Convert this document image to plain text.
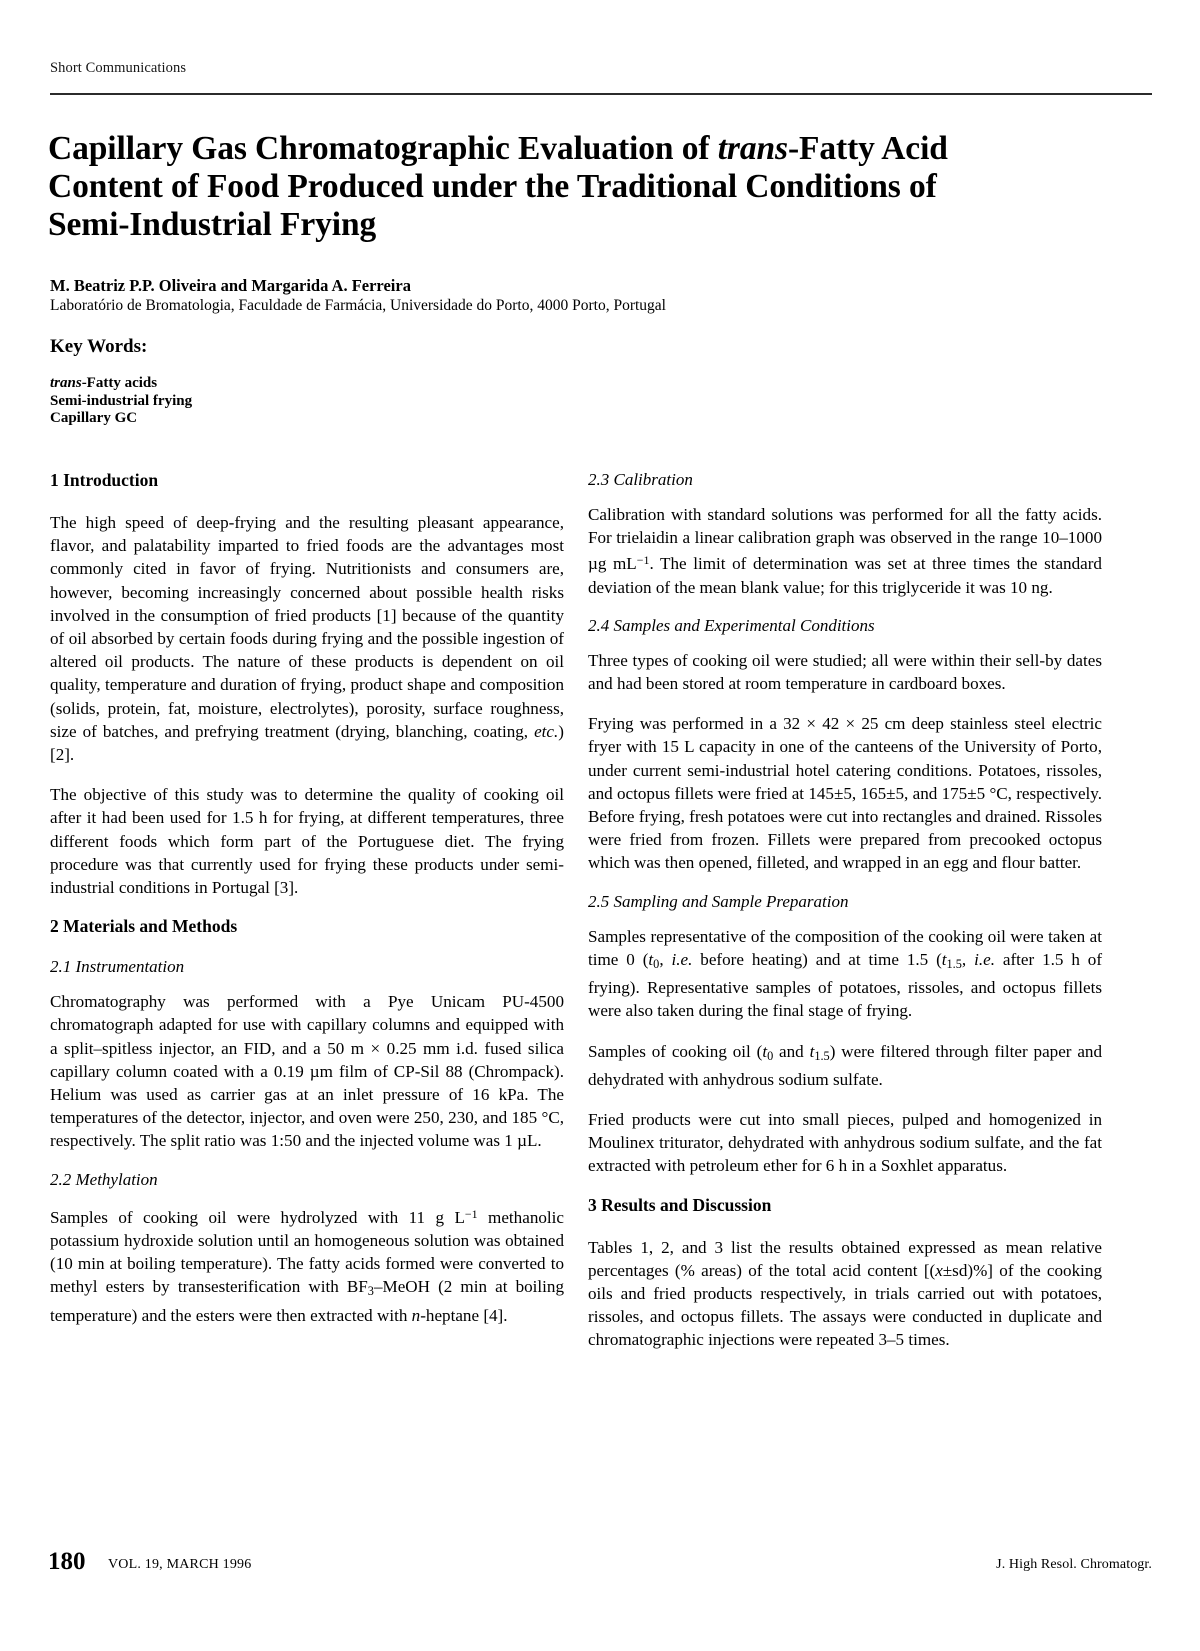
Short Communications
Capillary Gas Chromatographic Evaluation of trans-Fatty Acid
Content of Food Produced under the Traditional Conditions of
Semi-Industrial Frying
M. Beatriz P.P. Oliveira and Margarida A. Ferreira
Laboratório de Bromatologia, Faculdade de Farmácia, Universidade do Porto, 4000 Porto, Portugal
Key Words:
trans-Fatty acids
Semi-industrial frying
Capillary GC
1 Introduction

The high speed of deep-frying and the resulting pleasant appearance, flavor, and palatability imparted to fried foods are the advantages most commonly cited in favor of frying. Nutritionists and consumers are, however, becoming increasingly concerned about possible health risks involved in the consumption of fried products [1] because of the quantity of oil absorbed by certain foods during frying and the possible ingestion of altered oil products. The nature of these products is dependent on oil quality, temperature and duration of frying, product shape and composition (solids, protein, fat, moisture, electrolytes), porosity, surface roughness, size of batches, and prefrying treatment (drying, blanching, coating, etc.) [2].

The objective of this study was to determine the quality of cooking oil after it had been used for 1.5 h for frying, at different temperatures, three different foods which form part of the Portuguese diet. The frying procedure was that currently used for frying these products under semi-industrial conditions in Portugal [3].

2 Materials and Methods
2.1 Instrumentation

Chromatography was performed with a Pye Unicam PU-4500 chromatograph adapted for use with capillary columns and equipped with a split–spitless injector, an FID, and a 50 m × 0.25 mm i.d. fused silica capillary column coated with a 0.19 µm film of CP-Sil 88 (Chrompack). Helium was used as carrier gas at an inlet pressure of 16 kPa. The temperatures of the detector, injector, and oven were 250, 230, and 185 °C, respectively. The split ratio was 1:50 and the injected volume was 1 µL.

2.2 Methylation

Samples of cooking oil were hydrolyzed with 11 g $L^{-1}$ methanolic potassium hydroxide solution until an homogeneous solution was obtained (10 min at boiling temperature). The fatty acids formed were converted to methyl esters by transesterification with $BF_3$–MeOH (2 min at boiling temperature) and the esters were then extracted with n-heptane [4].

2.3 Calibration

Calibration with standard solutions was performed for all the fatty acids. For trielaidin a linear calibration graph was observed in the range 10–1000 µg $mL^{-1}$. The limit of determination was set at three times the standard deviation of the mean blank value; for this triglyceride it was 10 ng.

2.4 Samples and Experimental Conditions

Three types of cooking oil were studied; all were within their sell-by dates and had been stored at room temperature in cardboard boxes.

Frying was performed in a 32 × 42 × 25 cm deep stainless steel electric fryer with 15 L capacity in one of the canteens of the University of Porto, under current semi-industrial hotel catering conditions. Potatoes, rissoles, and octopus fillets were fried at 145±5, 165±5, and 175±5 °C, respectively. Before frying, fresh potatoes were cut into rectangles and drained. Rissoles were fried from frozen. Fillets were prepared from precooked octopus which was then opened, filleted, and wrapped in an egg and flour batter.

2.5 Sampling and Sample Preparation

Samples representative of the composition of the cooking oil were taken at time 0 ($t_0$, i.e. before heating) and at time 1.5 ($t_{1.5}$, i.e. after 1.5 h of frying). Representative samples of potatoes, rissoles, and octopus fillets were also taken during the final stage of frying.

Samples of cooking oil ($t_0$ and $t_{1.5}$) were filtered through filter paper and dehydrated with anhydrous sodium sulfate.

Fried products were cut into small pieces, pulped and homogenized in Moulinex triturator, dehydrated with anhydrous sodium sulfate, and the fat extracted with petroleum ether for 6 h in a Soxhlet apparatus.

3 Results and Discussion

Tables 1, 2, and 3 list the results obtained expressed as mean relative percentages (% areas) of the total acid content [(x±sd)%] of the cooking oils and fried products respectively, in trials carried out with potatoes, rissoles, and octopus fillets. The assays were conducted in duplicate and chromatographic injections were repeated 3–5 times.

180 VOL. 19, MARCH 1996	J. High Resol. Chromatogr.
